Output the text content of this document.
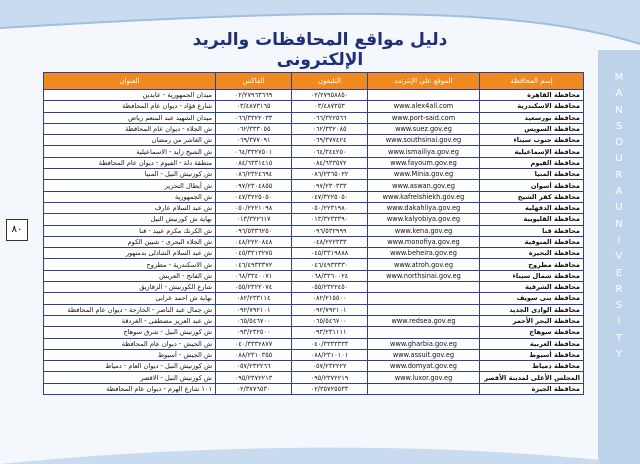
دليل مواقع المحافظات والبريد الإلكترونى
M
A
N
S
O
U
R
A
U
N
I
V
E
R
S
I
T
Y
٨٠
إسم المحافظة	الموقع على الإنترنت	التليفون	الفاكس	العنوان
محافظة القاهرة		٠٢/٢٧٩٥٨٨٥٠	٠٢/٢٧٩٦٣٦٦٩	ميدان الجمهورية - عابدين
محافظة الاسكندرية	www.alex4all.com	٠٣/٤٨٧٣٥٣	٠٣/٤٨٧٣١٦٥	شارع فؤاد - ديوان عام المحافظة
محافظة بورسعيد	www.port-said.com	٠٦٦/٣٢٢٥٦٦	٠٦٦/٣٣٢٢٠٣٣	ميدان الشهيد عبد المنعم رياض
محافظة السويس	www.suez.gov.eg	٠٦٢/٣٣٢٠٨٥	٠٦٢/٣٣٣٠٥٥	ش الجلاء - ديوان عام المحافظة
محافظة جنوب سيناء	www.southsinai.gov.eg	٠٦٩/٣٧٧٤٢٤	٠٦٩/٣٧٧٠٩١	ش الغاشر من رمضان
محافظة الإسماعيلية	www.ismailiya.gov.eg	٠٦٤/٣٤٤٢٥٠	٠٦٤/٣٣٢٧٥٠١	ش الشيخ زايد - الاسماعيلية
محافظة الفيوم	www.fayoum.gov.eg	٠٨٤/٦٣٣٥٧٢	٠٨٤/٦٣٣١٤١٥	منطقة دلة - الفيوم - ديوان عام المحافظة
محافظة المنيا	www.Minia.gov.eg	٠٨٦/٢٣٦٥٠٢٢	٠٨٦/٢٣٢٤٦٩٤	ش كورنيش النيل - المنيا
محافظة أسوان	www.aswan.gov.eg	٠٩٧/٢٣٠٣٣٣	٠٩٧/٢٣٠٤٨٥٥	ش أبطال التحرير
محافظة كفر الشيخ	www.kafrelshiekh.gov.eg	٠٤٧/٣٢٢٥٠٥٠	٠٤٧/٣٢٢٥٠٥٠	ش الجمهورية
محافظة الدقهلية	www.dakahliya.gov.eg	٠٥٠/٢٢٣١٩٨٠	٠٥٠/٢٢٢١٠٩٨	ش عبد السلام عارف
محافظة القليوبية	www.kalyobiya.gov.eg	٠١٣/٣٢٣٣٣٩٠	٠١٣/٣٢٢٦١٧	نهاية ش كورنيش النيل
محافظة قنا	www.kena.gov.eg	٠٩٦/٥٣٢٩٩٩	٠٩٦/٥٣٣٦٢٥٠	ش الكرنك مكرم عبيد - قنا
محافظة المنوفية	www.monofiya.gov.eg	٠٤٨/٢٢٢٣٣٣	٠٤٨/٢٢٢٠٨٤٨	ش الجلاء البحرى - شبين الكوم
محافظة البحيرة	www.beheira.gov.eg	٠٤٥/٣٣١٩٨٨٨	٠٤٥/٣٣١٣٢٧٥	ش عبد السلام الشاذلى بدمنهور
محافظة مطروح	www.atroh.gov.eg	٠٤٦/٤٩٣٣٣٣٠	٠٤٦/٤٩٣٣٣٧٢	ش الاسكندرية - مطروح
محافظة شمال سيناء	www.northsinai.gov.eg	٠٦٨/٣٣٦٠٠٢٤	٠٦٨/٣٣٤٠٠٧١	ش الفاتح - العريش
محافظة الشرقية		٠٥٥/٢٣٢٢٤٥٠	٠٥٥/٢٣٢٢٠٧٤	شارع الكورنيش - الزقازيق
محافظة بنى سويف		٠٨٢/٢١٥٥٠٠	٠٨٢/٢٣٣١١٤	نهاية ش احمد عرابى
محافظة الوادى الجديد		٠٩٢/٧٩٢١٠١	٠٩٢/٧٩٢١٠١	ش جمال عبد الناصر - الخارجة - ديوان عام المحافظة
محافظة البحر الأحمر	www.redsea.gov.eg	٠٦٥/٥٤٦٧٠٠	٠٦٥/٥٤٦٧٠٠	ش عبد العزيز مصطفى - الغردقة
محافظة سوهاج		٠٩٣/٢٣١١١١	٠٩٣/٢٣٢٥٠٠	ش كورنيش النيل - شرق سوهاج
محافظة الغربية	www.gharbia.gov.eg	٠٤٠/٣٣٣٣٣٣٣	٠٤٠/٣٣٣٢٨٧٧	ش الحيش - ديوان عام المحافظة
محافظة أسيوط	www.assuit.gov.eg	٠٨٨/٢٣١٠١٠١	٠٨٨/٢٣١٠٣٥٥	ش الجيش - أسيوط
محافظة دمياط	www.domyat.gov.eg	٠٥٧/٢٣٢٢٢٢	٠٥٧/٢٣٢٢٦٦	ش كورنيش النيل - ديوان العام - دمياط
المجلس الأعلى لمدينة الأقصر	www.luxor.gov.eg	٠٩٥/٢٣٧٢٢١٩	٠٩٥/٢٣٧٢٢١٣	ش كورنيش النيل - الاقصر
محافظة الجيزة		٠٢/٣٥٧٢٥٥٣٣	٠٢/٣٧٧٦٥٣٠	١٠١ شارع الهرم - ديوان عام المحافظة
